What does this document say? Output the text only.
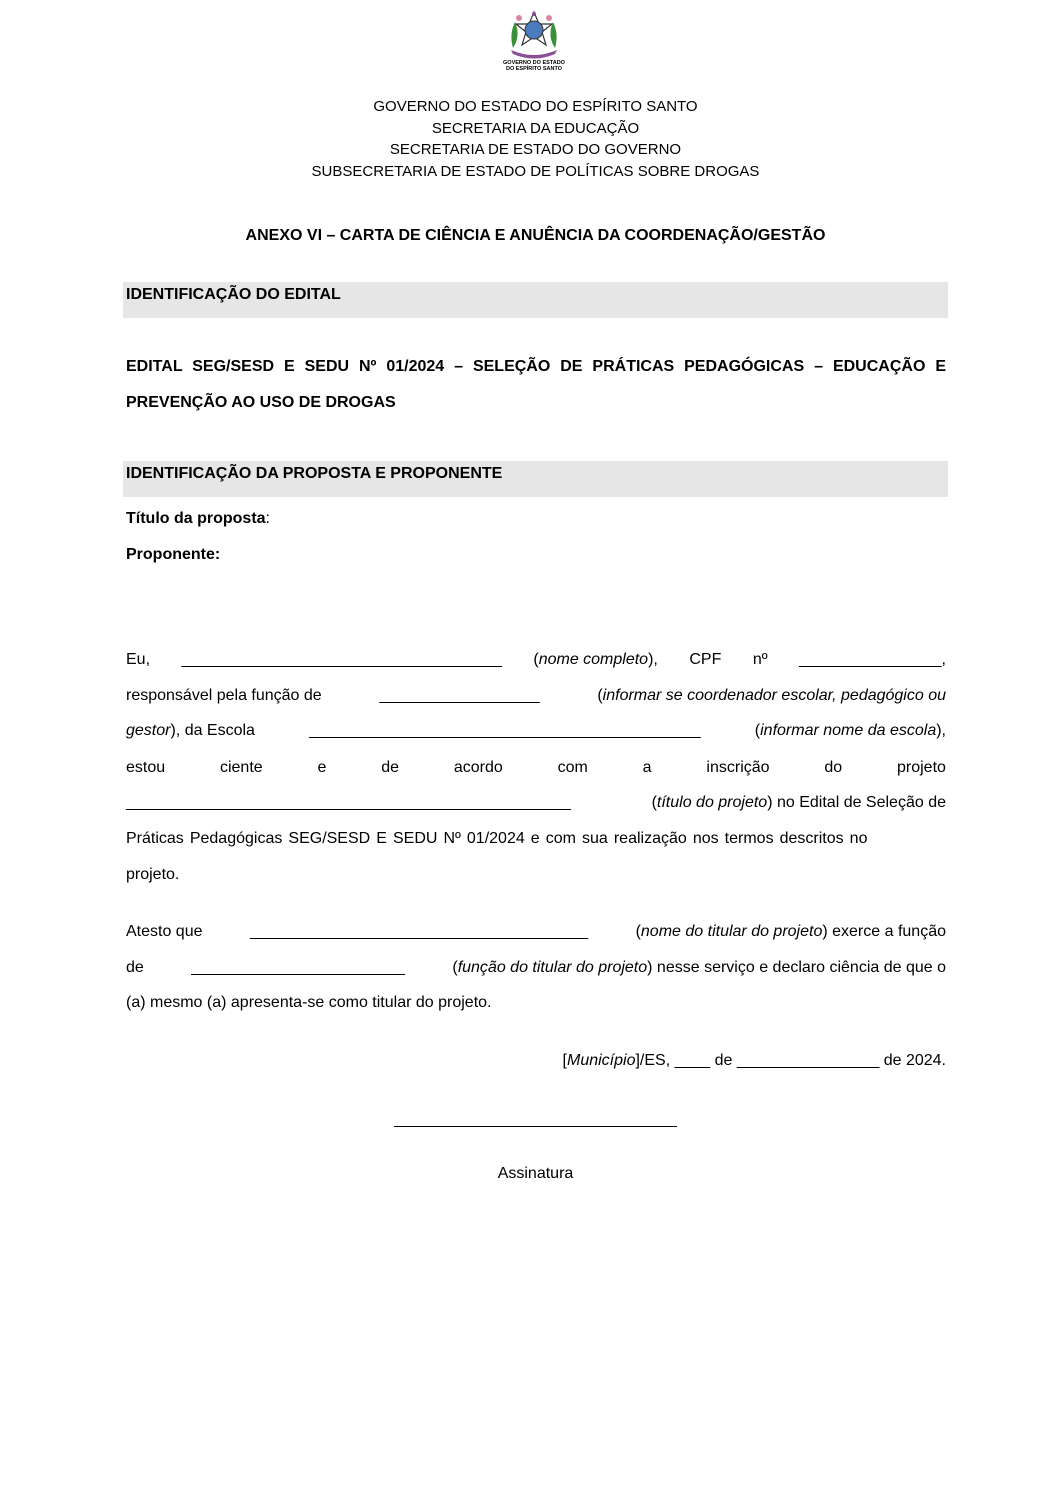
GOVERNO DO ESTADO
DO ESPÍRITO SANTO
GOVERNO DO ESTADO DO ESPÍRITO SANTO
SECRETARIA DA EDUCAÇÃO
SECRETARIA DE ESTADO DO GOVERNO
SUBSECRETARIA DE ESTADO DE POLÍTICAS SOBRE DROGAS
ANEXO VI – CARTA DE CIÊNCIA E ANUÊNCIA DA COORDENAÇÃO/GESTÃO
IDENTIFICAÇÃO DO EDITAL
EDITAL SEG/SESD E SEDU Nº 01/2024 – SELEÇÃO DE PRÁTICAS PEDAGÓGICAS – EDUCAÇÃO E PREVENÇÃO AO USO DE DROGAS
IDENTIFICAÇÃO DA PROPOSTA E PROPONENTE
Título da proposta:
Proponente:
Eu, ____________________________________ (nome completo), CPF nº ________________,
responsável pela função de	__________________	(informar se coordenador escolar, pedagógico ou
gestor), da Escola	____________________________________________	(informar nome da escola),
estou	ciente	e	de	acordo	com	a	inscrição	do	projeto
__________________________________________________	(título do projeto) no Edital de Seleção de
Práticas Pedagógicas SEG/SESD E SEDU Nº 01/2024 e com sua realização nos termos descritos no
projeto.
Atesto que	______________________________________	(nome do titular do projeto) exerce a função
de	________________________	(função do titular do projeto) nesse serviço e declaro ciência de que o
(a) mesmo (a) apresenta-se como titular do projeto.
[Município]/ES, ____ de ________________ de 2024.
Assinatura
